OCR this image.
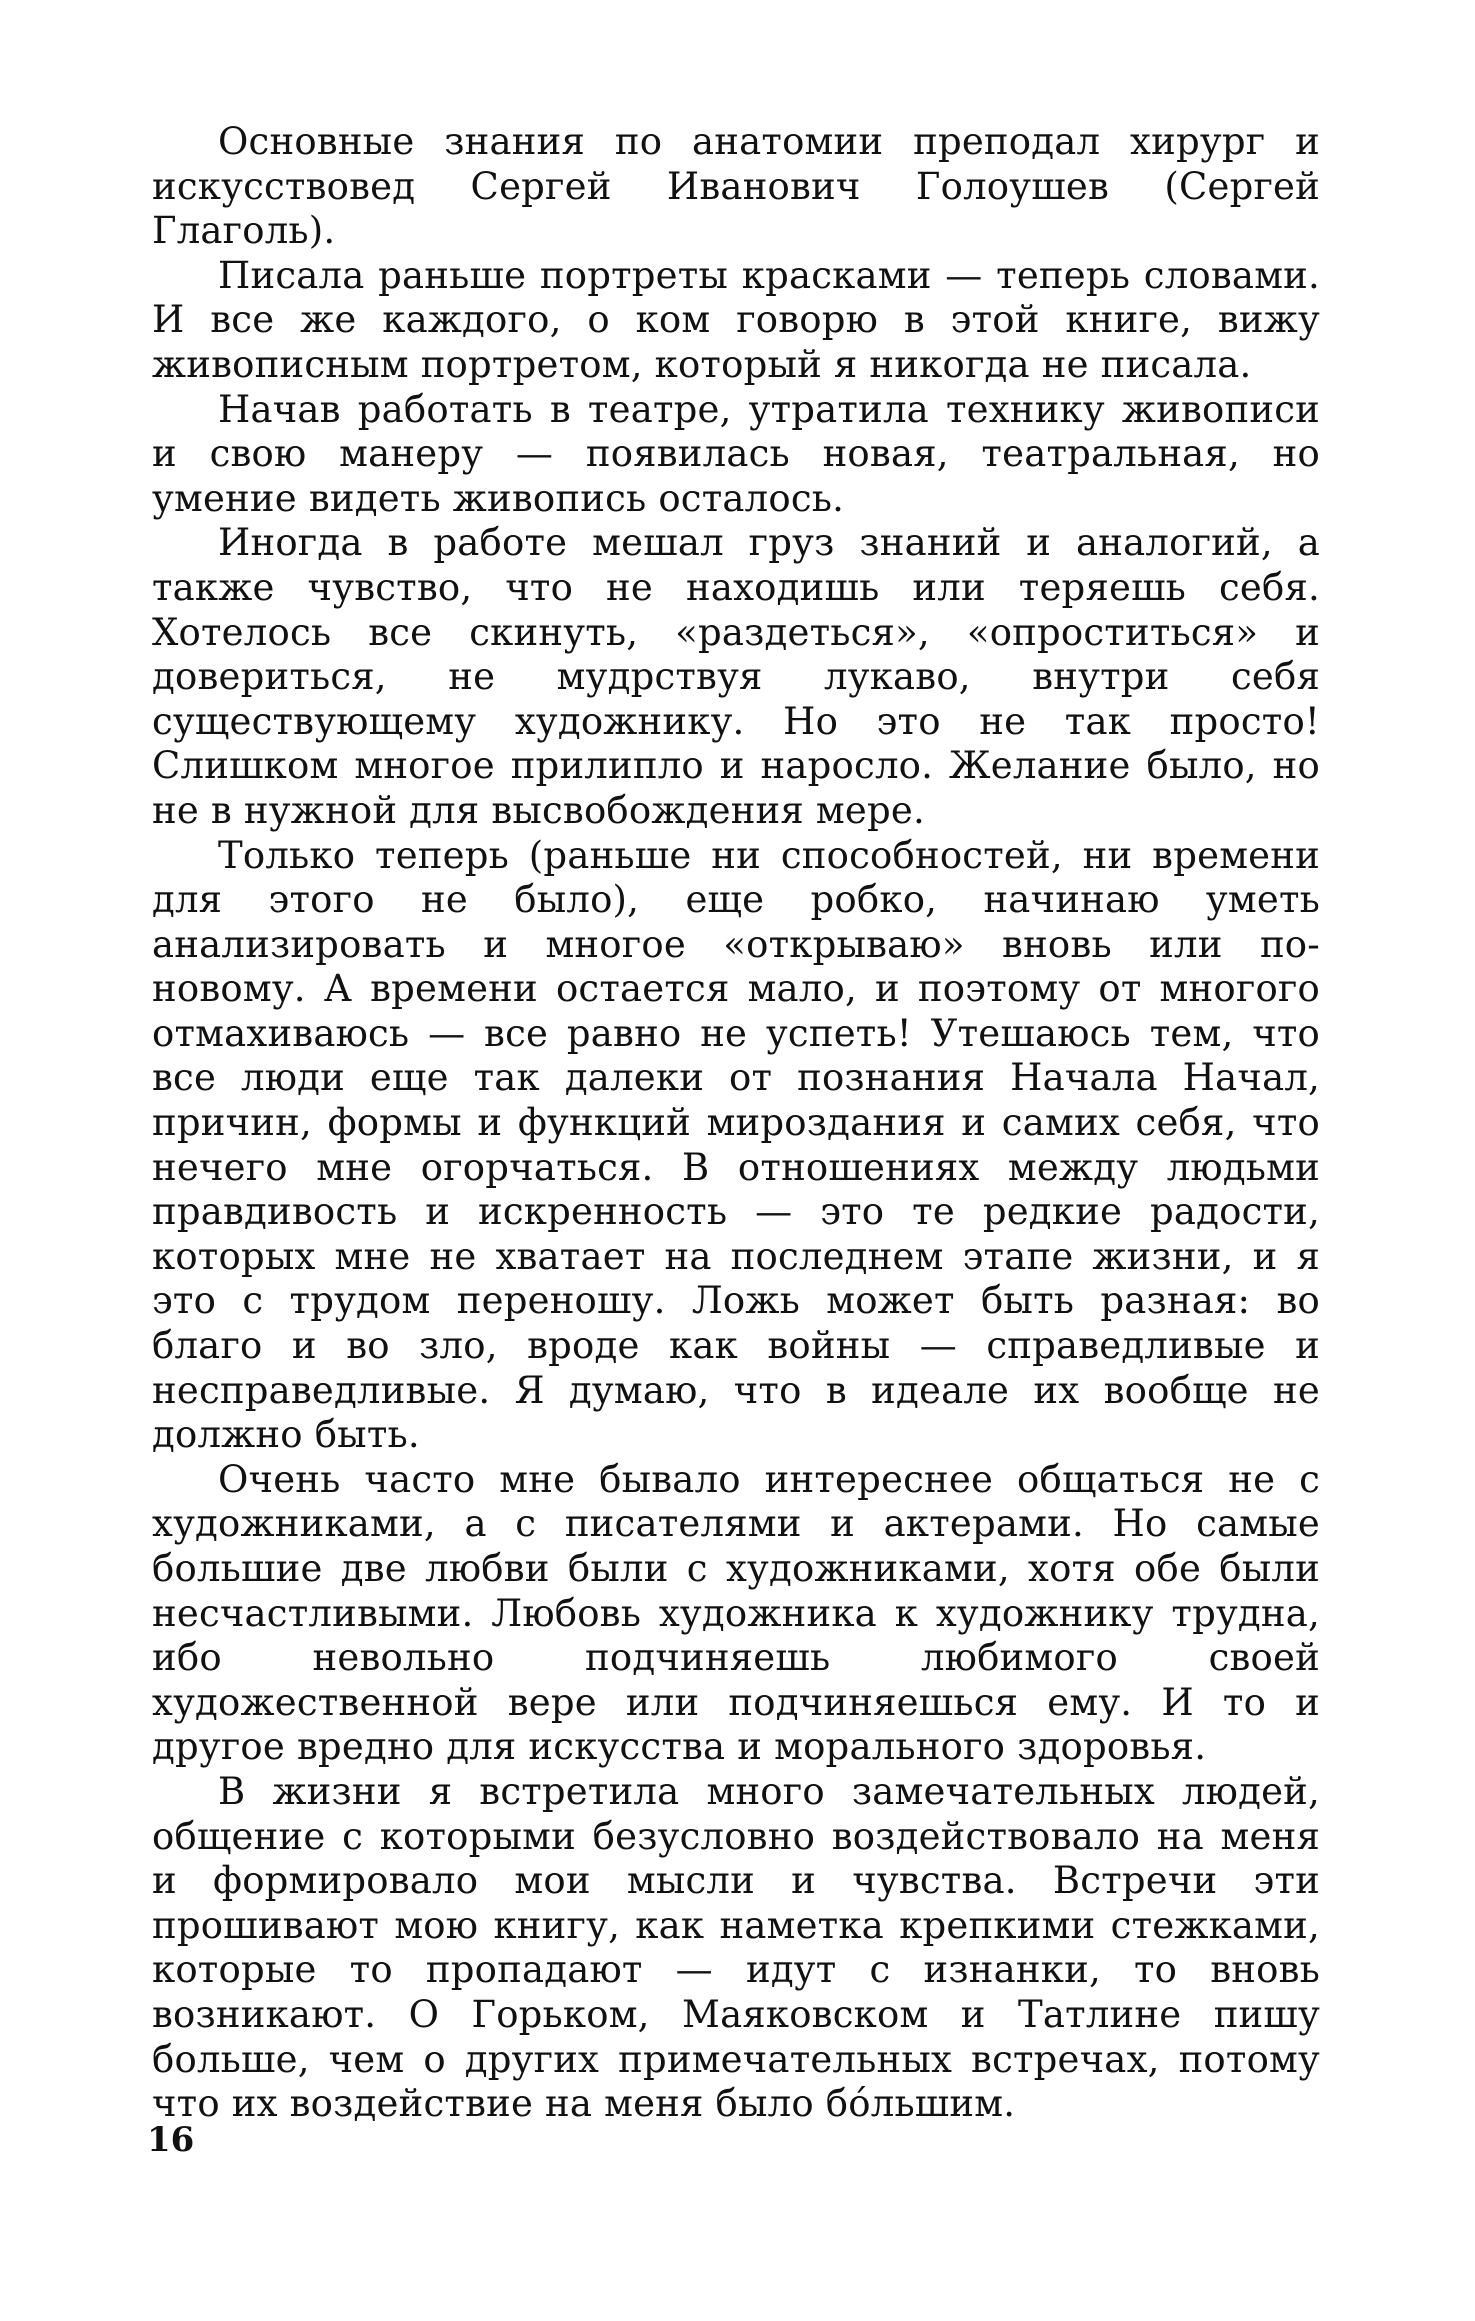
Основные знания по анатомии преподал хирург и искусствовед Сергей Иванович Голоушев (Сергей Глаголь).

Писала раньше портреты красками — теперь словами. И все же каждого, о ком говорю в этой книге, вижу живописным портретом, который я никогда не писала.

Начав работать в театре, утратила технику живописи и свою манеру — появилась новая, театральная, но умение видеть живопись осталось.

Иногда в работе мешал груз знаний и аналогий, а также чувство, что не находишь или теряешь себя. Хотелось все скинуть, «раздеться», «опроститься» и довериться, не мудрствуя лукаво, внутри себя существующему художнику. Но это не так просто! Слишком многое прилипло и наросло. Желание было, но не в нужной для высвобождения мере.

Только теперь (раньше ни способностей, ни времени для этого не было), еще робко, начинаю уметь анализировать и многое «открываю» вновь или по-новому. А времени остается мало, и поэтому от многого отмахиваюсь — все равно не успеть! Утешаюсь тем, что все люди еще так далеки от познания Начала Начал, причин, формы и функций мироздания и самих себя, что нечего мне огорчаться. В отношениях между людьми правдивость и искренность — это те редкие радости, которых мне не хватает на последнем этапе жизни, и я это с трудом переношу. Ложь может быть разная: во благо и во зло, вроде как войны — справедливые и несправедливые. Я думаю, что в идеале их вообще не должно быть.

Очень часто мне бывало интереснее общаться не с художниками, а с писателями и актерами. Но самые большие две любви были с художниками, хотя обе были несчастливыми. Любовь художника к художнику трудна, ибо невольно подчиняешь любимого своей художественной вере или подчиняешься ему. И то и другое вредно для искусства и морального здоровья.

В жизни я встретила много замечательных людей, общение с которыми безусловно воздействовало на меня и формировало мои мысли и чувства. Встречи эти прошивают мою книгу, как наметка крепкими стежками, которые то пропадают — идут с изнанки, то вновь возникают. О Горьком, Маяковском и Татлине пишу больше, чем о других примечательных встречах, потому что их воздействие на меня было бóльшим.

16
